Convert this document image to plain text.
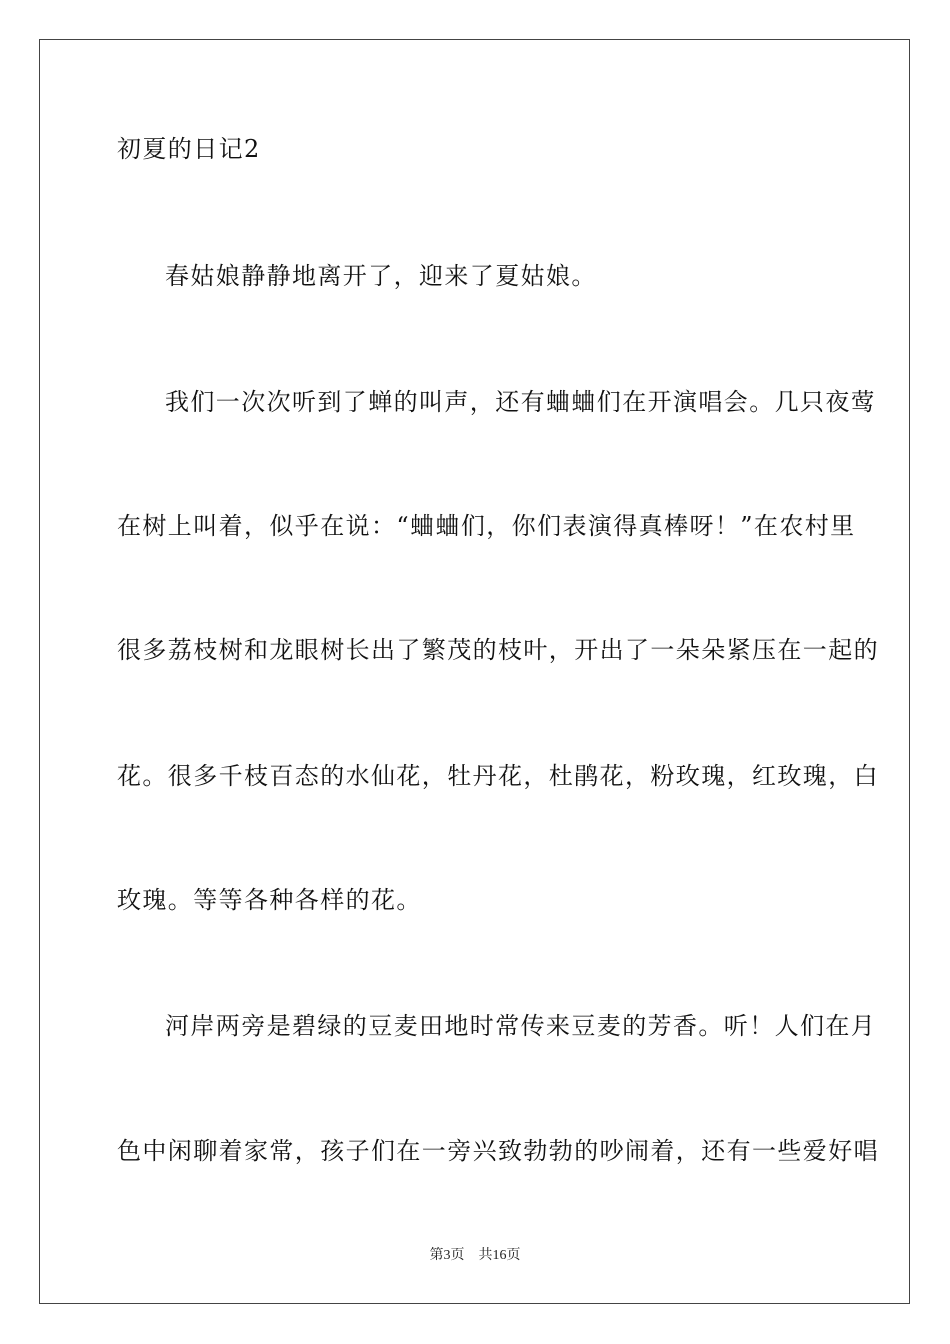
初夏的日记2
春姑娘静静地离开了，迎来了夏姑娘。
我们一次次听到了蝉的叫声，还有蛐蛐们在开演唱会。几只夜莺
在树上叫着，似乎在说：“蛐蛐们，你们表演得真棒呀！”在农村里
很多荔枝树和龙眼树长出了繁茂的枝叶，开出了一朵朵紧压在一起的
花。很多千枝百态的水仙花，牡丹花，杜鹃花，粉玫瑰，红玫瑰，白
玫瑰。等等各种各样的花。
河岸两旁是碧绿的豆麦田地时常传来豆麦的芳香。听！人们在月
色中闲聊着家常，孩子们在一旁兴致勃勃的吵闹着，还有一些爱好唱
第3页 共16页
